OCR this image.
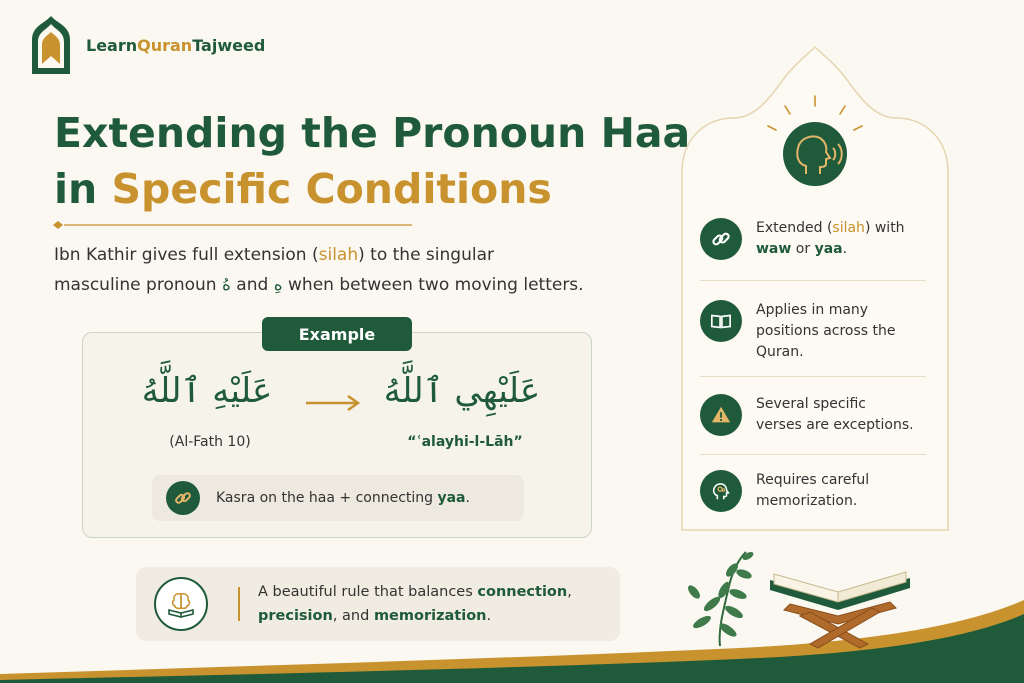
LearnQuranTajweed
Extending the Pronoun Haa
in Specific Conditions
Ibn Kathir gives full extension (silah) to the singular
masculine pronoun هُ and هِ when between two moving letters.
Example
عَلَيْهِ ٱللَّهُ	عَلَيْهِي ٱللَّهُ
(Al-Fath 10)	“ʿalayhi-l-Lāh”
Kasra on the haa + connecting yaa.
A beautiful rule that balances connection,
precision, and memorization.
Extended (silah) with
waw or yaa.
Applies in many positions across the Quran.
Several specific verses are exceptions.
Requires careful memorization.
